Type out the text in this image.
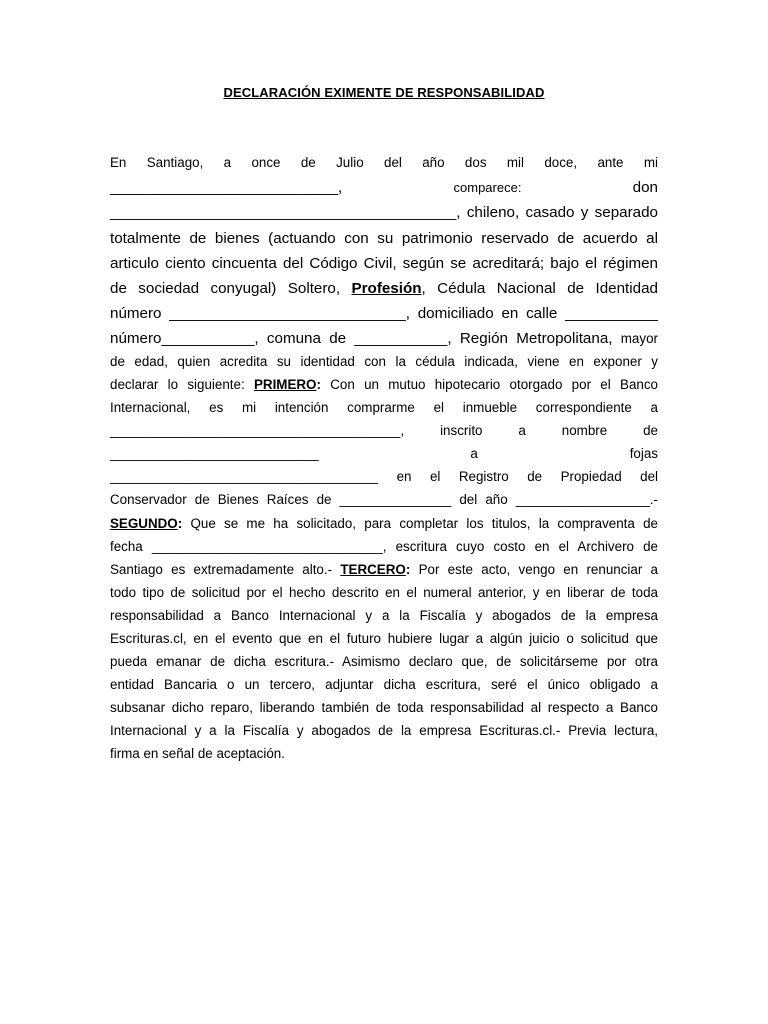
DECLARACIÓN EXIMENTE DE RESPONSABILIDAD
En Santiago, a once de Julio del año dos mil doce, ante mi
___________________________, comparece: don
_________________________________________, chileno, casado y separado
totalmente de bienes (actuando con su patrimonio reservado de acuerdo al
articulo ciento cincuenta del Código Civil, según se acreditará; bajo el régimen
de sociedad conyugal) Soltero, Profesión, Cédula Nacional de Identidad
número ____________________________, domiciliado en calle ___________
número___________, comuna de ___________, Región Metropolitana, mayor
de edad, quien acredita su identidad con la cédula indicada, viene en exponer y
declarar lo siguiente: PRIMERO: Con un mutuo hipotecario otorgado por el Banco
Internacional, es mi intención comprarme el inmueble correspondiente a
_______________________________________, inscrito a nombre de
____________________________ a fojas
____________________________________ en el Registro de Propiedad del
Conservador de Bienes Raíces de _______________ del año __________________.-
SEGUNDO: Que se me ha solicitado, para completar los titulos, la compraventa de
fecha _______________________________, escritura cuyo costo en el Archivero de
Santiago es extremadamente alto.- TERCERO: Por este acto, vengo en renunciar a
todo tipo de solicitud por el hecho descrito en el numeral anterior, y en liberar de toda
responsabilidad a Banco Internacional y a la Fiscalía y abogados de la empresa
Escrituras.cl, en el evento que en el futuro hubiere lugar a algún juicio o solicitud que
pueda emanar de dicha escritura.- Asimismo declaro que, de solicitárseme por otra
entidad Bancaria o un tercero, adjuntar dicha escritura, seré el único obligado a
subsanar dicho reparo, liberando también de toda responsabilidad al respecto a Banco
Internacional y a la Fiscalía y abogados de la empresa Escrituras.cl.- Previa lectura,
firma en señal de aceptación.
